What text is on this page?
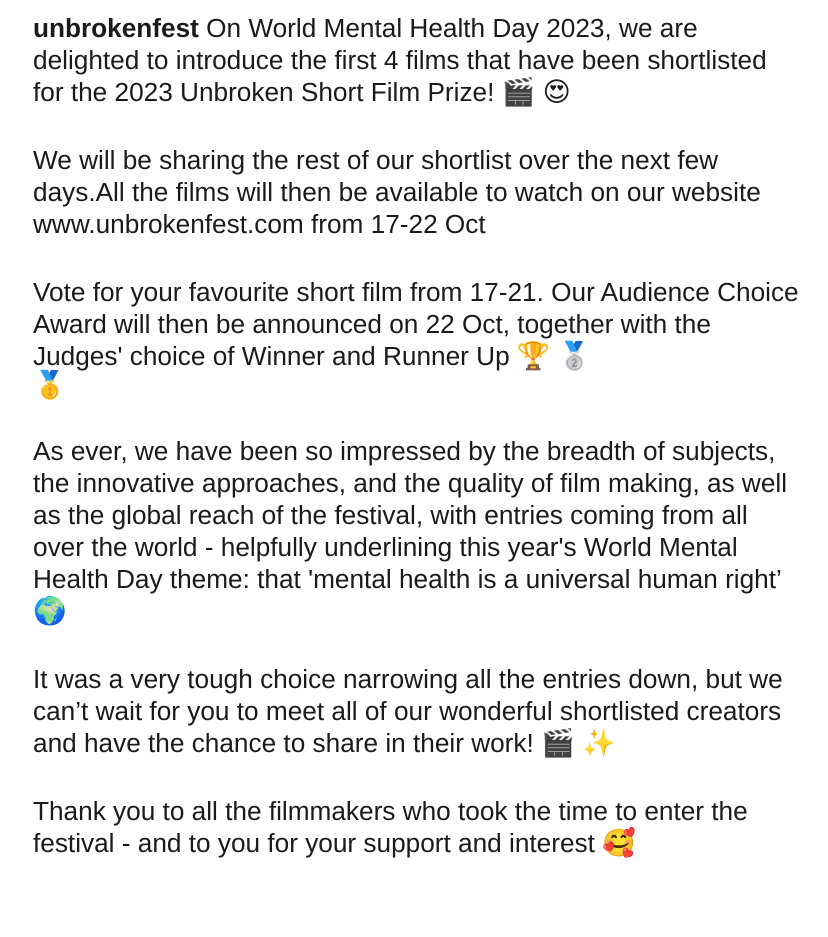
unbrokenfest On World Mental Health Day 2023, we are delighted to introduce the first 4 films that have been shortlisted for the 2023 Unbroken Short Film Prize! 🎬 😍

We will be sharing the rest of our shortlist over the next few days.All the films will then be available to watch on our website www.unbrokenfest.com from 17-22 Oct

Vote for your favourite short film from 17-21. Our Audience Choice Award will then be announced on 22 Oct, together with the Judges' choice of Winner and Runner Up 🏆 🥈
🥇

As ever, we have been so impressed by the breadth of subjects, the innovative approaches, and the quality of film making, as well as the global reach of the festival, with entries coming from all over the world - helpfully underlining this year's World Mental Health Day theme: that 'mental health is a universal human right’ 🌍

It was a very tough choice narrowing all the entries down, but we can’t wait for you to meet all of our wonderful shortlisted creators and have the chance to share in their work! 🎬 ✨

Thank you to all the filmmakers who took the time to enter the festival - and to you for your support and interest 🥰
